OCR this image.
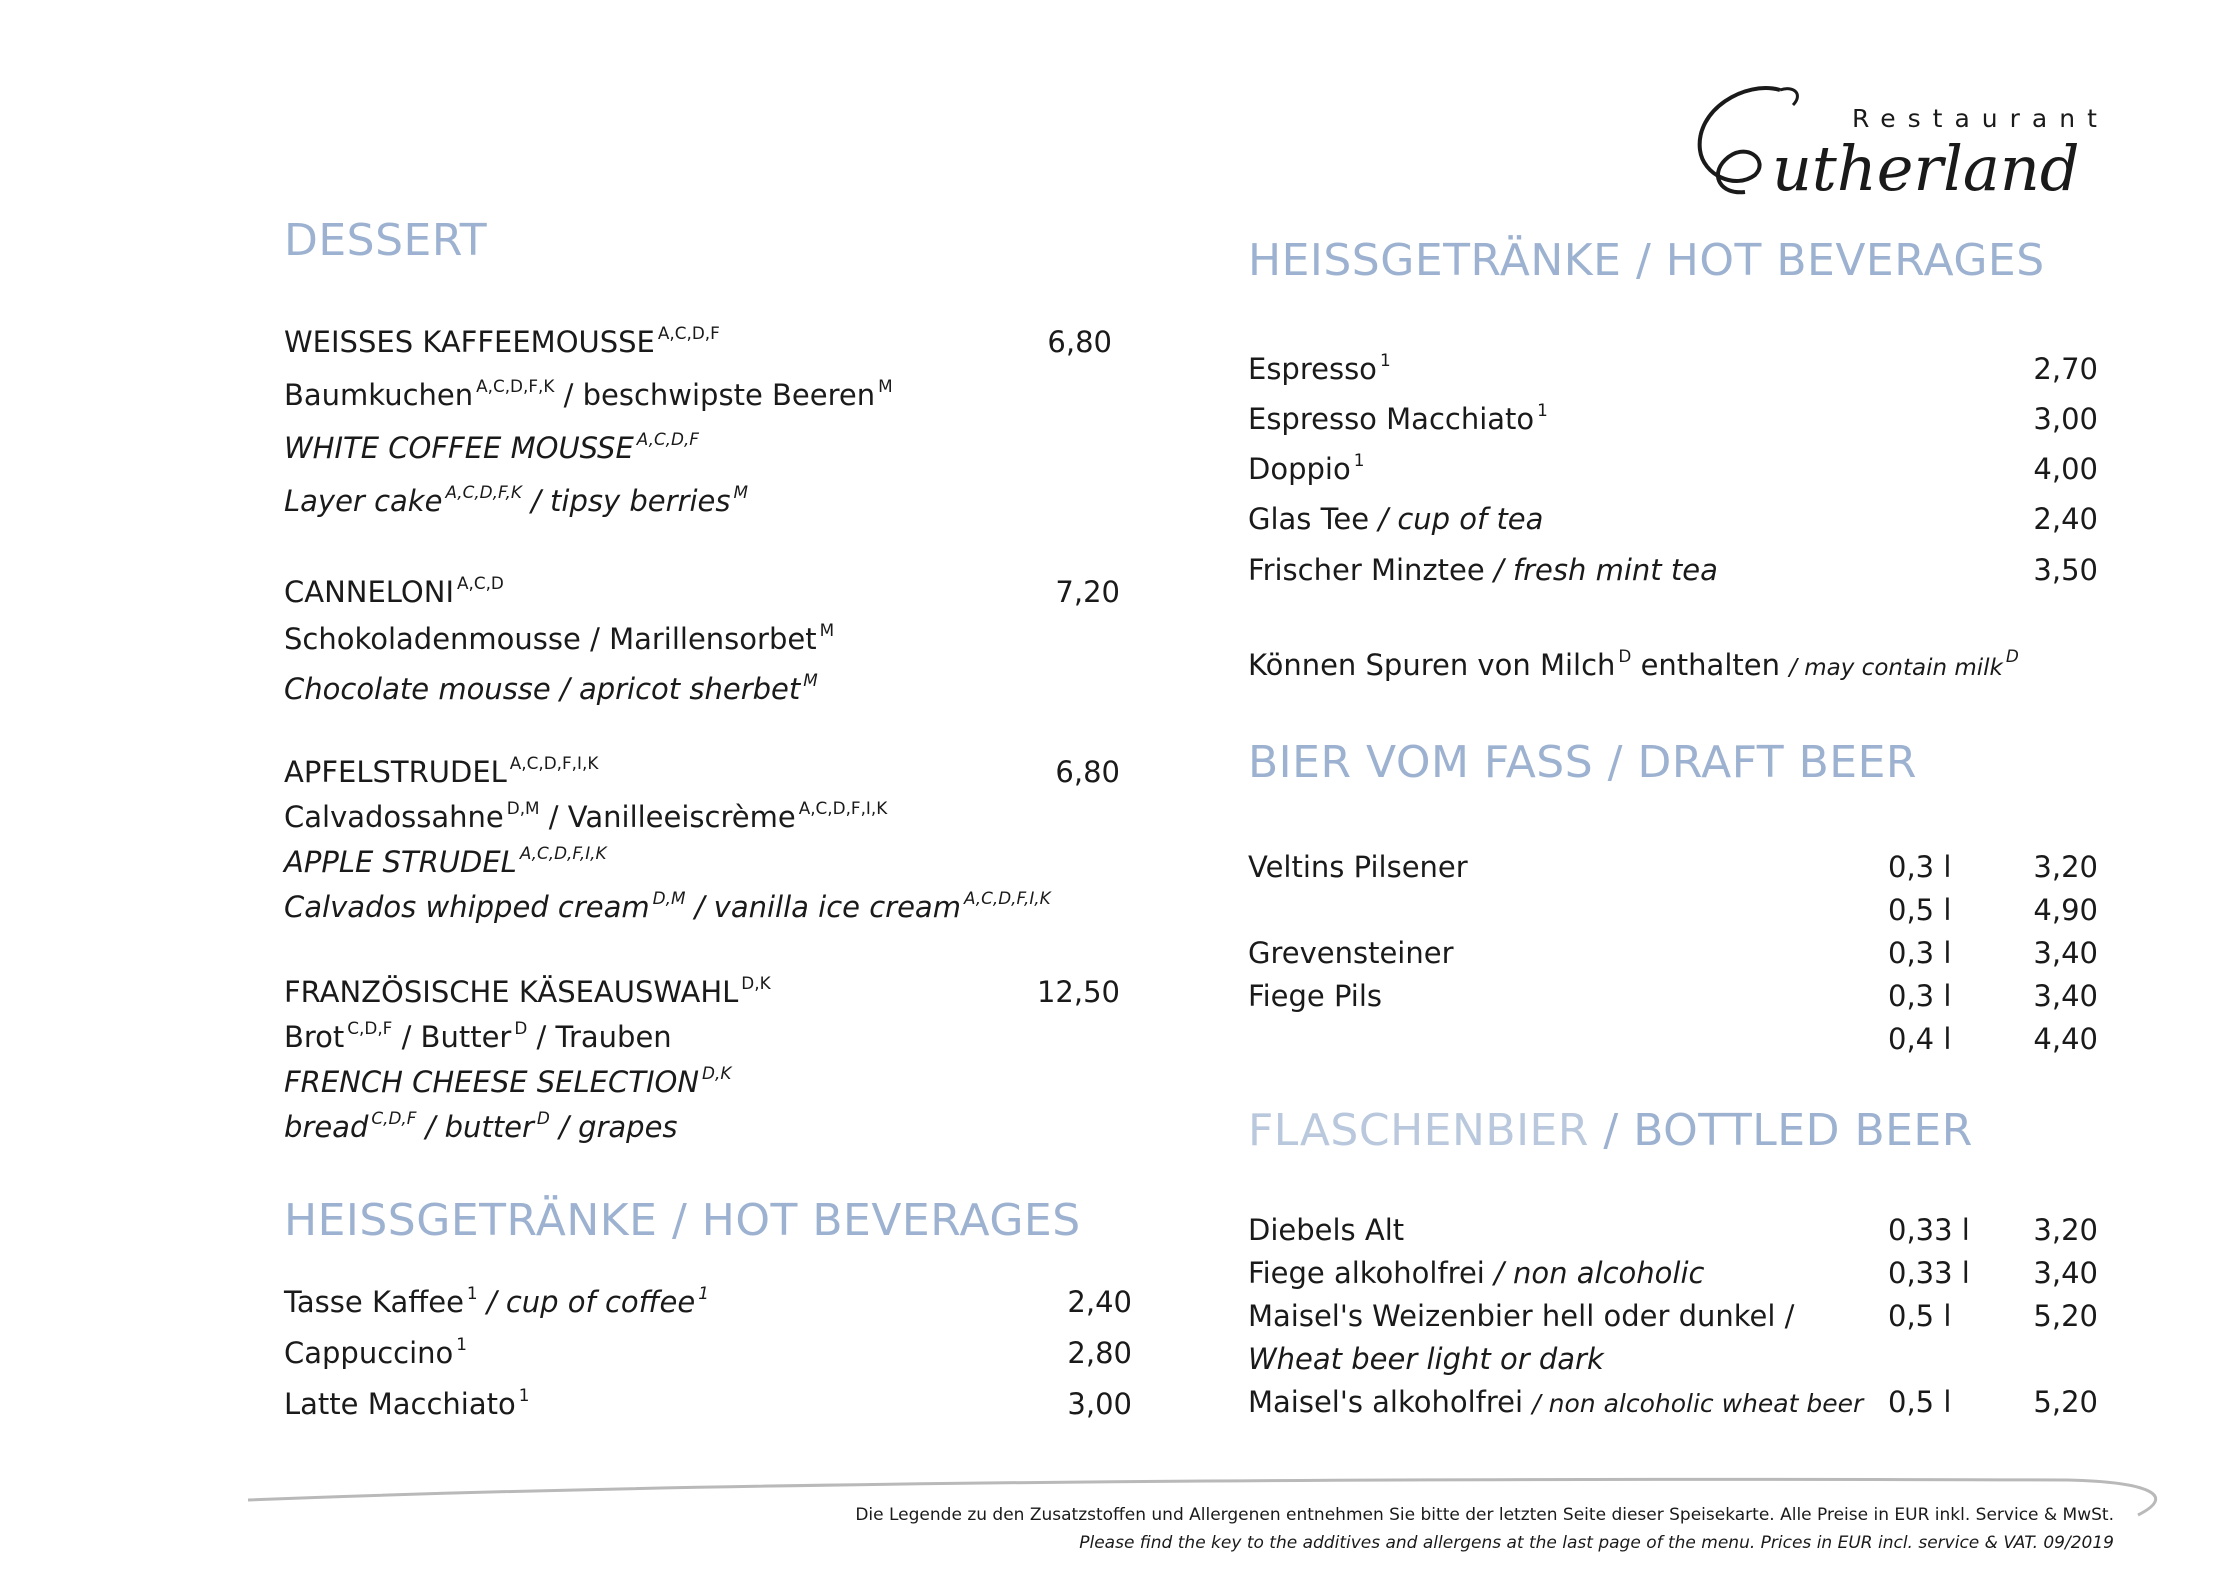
Restaurant
utherland
DESSERT
WEISSES KAFFEEMOUSSE $^{A,C,D,F}$	6,80
Baumkuchen $^{A,C,D,F,K}$ / beschwipste Beeren $^M$
WHITE COFFEE MOUSSE $^{A,C,D,F}$
Layer cake $^{A,C,D,F,K}$ / tipsy berries $^M$
CANNELONI $^{A,C,D}$	7,20
Schokoladenmousse / Marillensorbet $^M$
Chocolate mousse / apricot sherbet $^M$
APFELSTRUDEL $^{A,C,D,F,I,K}$	6,80
Calvadossahne $^{D,M}$ / Vanilleeiscrème $^{A,C,D,F,I,K}$
APPLE STRUDEL $^{A,C,D,F,I,K}$
Calvados whipped cream $^{D,M}$ / vanilla ice cream $^{A,C,D,F,I,K}$
FRANZÖSISCHE KÄSEAUSWAHL $^{D,K}$	12,50
Brot $^{C,D,F}$ / Butter $^D$ / Trauben
FRENCH CHEESE SELECTION $^{D,K}$
bread $^{C,D,F}$ / butter $^D$ / grapes
HEISSGETRÄNKE / HOT BEVERAGES
Tasse Kaffee $^1$ / cup of coffee $^1$	2,40
Cappuccino $^1$	2,80
Latte Macchiato $^1$	3,00
HEISSGETRÄNKE / HOT BEVERAGES
Espresso $^1$	2,70
Espresso Macchiato $^1$	3,00
Doppio $^1$	4,00
Glas Tee / cup of tea	2,40
Frischer Minztee / fresh mint tea	3,50
Können Spuren von Milch $^D$ enthalten / may contain milk $^D$
BIER VOM FASS / DRAFT BEER
Veltins Pilsener	0,3 l	3,20
0,5 l	4,90
Grevensteiner	0,3 l	3,40
Fiege Pils	0,3 l	3,40
0,4 l	4,40
FLASCHENBIER / BOTTLED BEER
Diebels Alt	0,33 l 3,20
Fiege alkoholfrei / non alcoholic	0,33 l 3,40
Maisel's Weizenbier hell oder dunkel /	0,5 l	5,20
Wheat beer light or dark
Maisel's alkoholfrei / non alcoholic wheat beer 0,5 l	5,20
Die Legende zu den Zusatzstoffen und Allergenen entnehmen Sie bitte der letzten Seite dieser Speisekarte. Alle Preise in EUR inkl. Service & MwSt.
Please find the key to the additives and allergens at the last page of the menu. Prices in EUR incl. service & VAT. 09/2019
